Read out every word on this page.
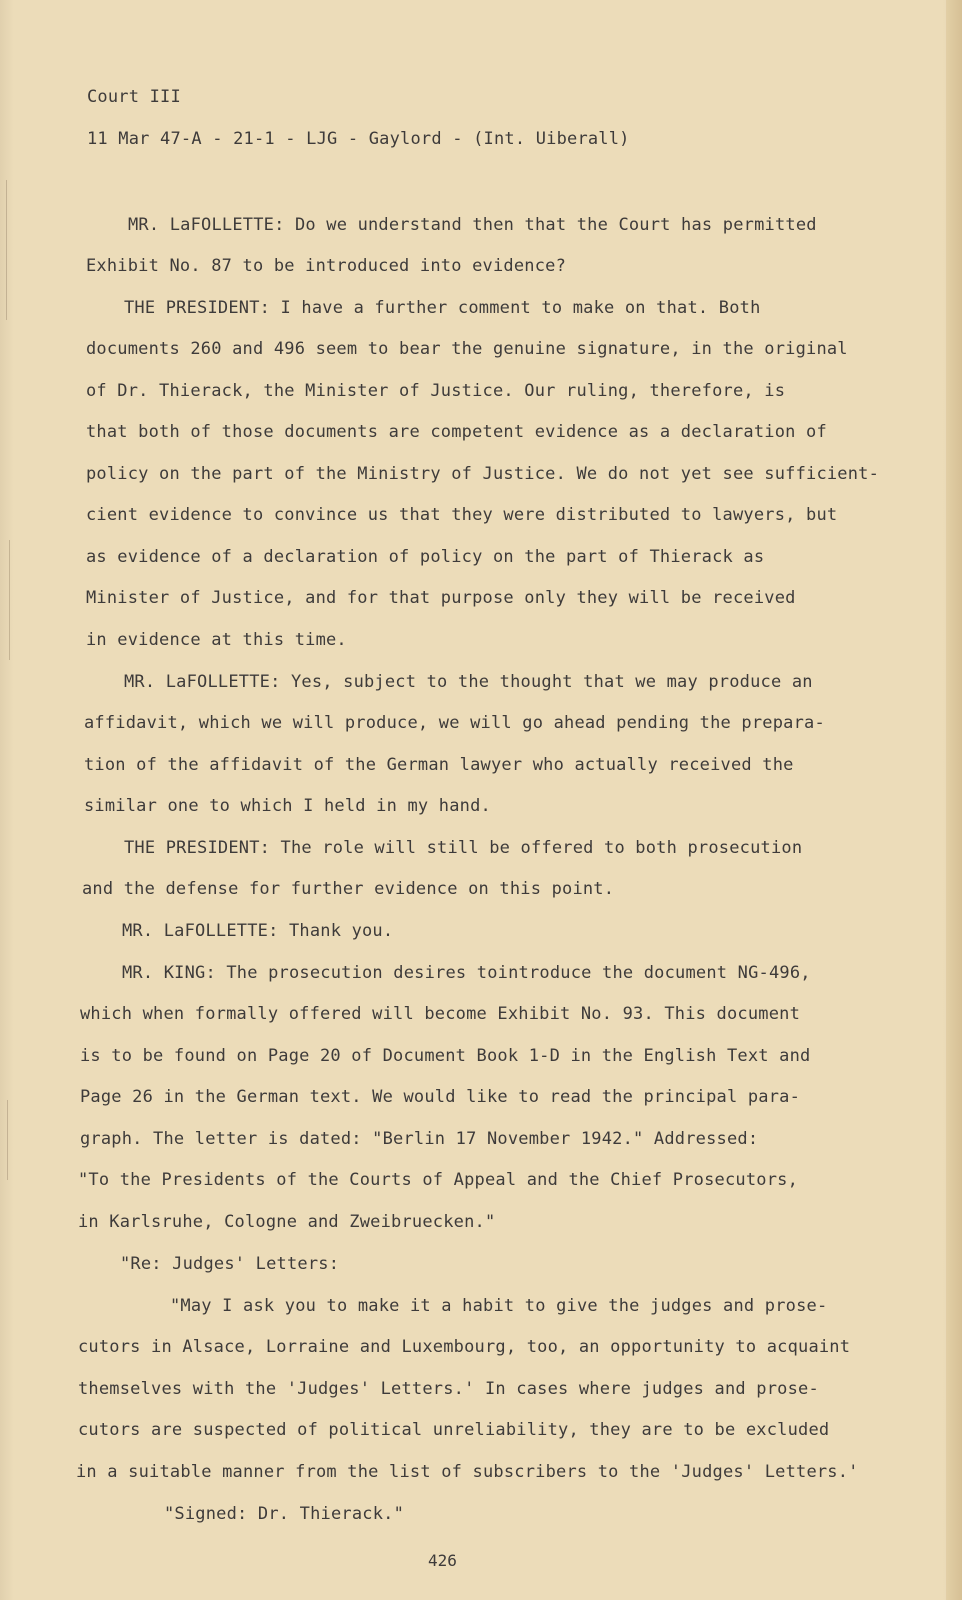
Court III
11 Mar 47-A - 21-1 - LJG - Gaylord - (Int. Uiberall)
MR. LaFOLLETTE: Do we understand then that the Court has permitted
Exhibit No. 87 to be introduced into evidence?
THE PRESIDENT: I have a further comment to make on that. Both
documents 260 and 496 seem to bear the genuine signature, in the original
of Dr. Thierack, the Minister of Justice. Our ruling, therefore, is
that both of those documents are competent evidence as a declaration of
policy on the part of the Ministry of Justice. We do not yet see sufficient-
cient evidence to convince us that they were distributed to lawyers, but
as evidence of a declaration of policy on the part of Thierack as
Minister of Justice, and for that purpose only they will be received
in evidence at this time.
MR. LaFOLLETTE: Yes, subject to the thought that we may produce an
affidavit, which we will produce, we will go ahead pending the prepara-
tion of the affidavit of the German lawyer who actually received the
similar one to which I held in my hand.
THE PRESIDENT: The role will still be offered to both prosecution
and the defense for further evidence on this point.
MR. LaFOLLETTE: Thank you.
MR. KING: The prosecution desires tointroduce the document NG-496,
which when formally offered will become Exhibit No. 93. This document
is to be found on Page 20 of Document Book 1-D in the English Text and
Page 26 in the German text. We would like to read the principal para-
graph. The letter is dated: "Berlin 17 November 1942." Addressed:
"To the Presidents of the Courts of Appeal and the Chief Prosecutors,
in Karlsruhe, Cologne and Zweibruecken."
"Re: Judges' Letters:
"May I ask you to make it a habit to give the judges and prose-
cutors in Alsace, Lorraine and Luxembourg, too, an opportunity to acquaint
themselves with the 'Judges' Letters.' In cases where judges and prose-
cutors are suspected of political unreliability, they are to be excluded
in a suitable manner from the list of subscribers to the 'Judges' Letters.'
"Signed: Dr. Thierack."
426
